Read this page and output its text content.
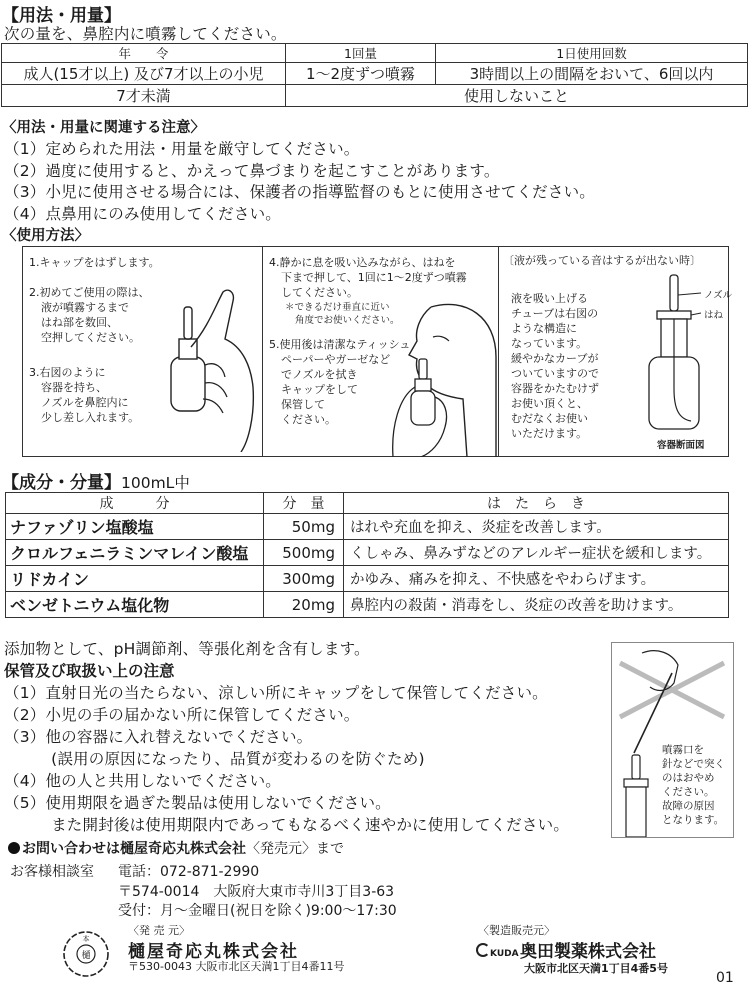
【用法・用量】
次の量を、鼻腔内に噴霧してください。
年　　令	1回量	1日使用回数
成人(15才以上) 及び7才以上の小児	1～2度ずつ噴霧	3時間以上の間隔をおいて、6回以内
7才未満	使用しないこと	
〈用法・用量に関連する注意〉
（1）定められた用法・用量を厳守してください。
（2）過度に使用すると、かえって鼻づまりを起こすことがあります。
（3）小児に使用させる場合には、保護者の指導監督のもとに使用させてください。
（4）点鼻用にのみ使用してください。
〈使用方法〉
1.キャップをはずします。
2.初めてご使用の際は、
液が噴霧するまで
はね部を数回、
空押してください。
3.右図のように
容器を持ち、
ノズルを鼻腔内に
少し差し入れます。
4.静かに息を吸い込みながら、はねを
下まで押して、1回に1～2度ずつ噴霧
してください。
＊できるだけ垂直に近い
角度でお使いください。
5.使用後は清潔なティッシュ
ペーパーやガーゼなど
でノズルを拭き
キャップをして
保管して
ください。
〔液が残っている音はするが出ない時〕
液を吸い上げる
チューブは右図の
ような構造に
なっています。
緩やかなカーブが
ついていますので
容器をかたむけず
お使い頂くと、
むだなくお使い
いただけます。
ノズル
はね
容器断面図
【成分・分量】100mL中
成　　　分	分　量	は　た　ら　き
ナファゾリン塩酸塩	50mg	はれや充血を抑え、炎症を改善します。
クロルフェニラミンマレイン酸塩	500mg	くしゃみ、鼻みずなどのアレルギー症状を緩和します。
リドカイン	300mg	かゆみ、痛みを抑え、不快感をやわらげます。
ベンゼトニウム塩化物	20mg	鼻腔内の殺菌・消毒をし、炎症の改善を助けます。
添加物として、pH調節剤、等張化剤を含有します。
保管及び取扱い上の注意
（1）直射日光の当たらない、涼しい所にキャップをして保管してください。
（2）小児の手の届かない所に保管してください。
（3）他の容器に入れ替えないでください。
　　　(誤用の原因になったり、品質が変わるのを防ぐため)
（4）他の人と共用しないでください。
（5）使用期限を過ぎた製品は使用しないでください。
　　　また開封後は使用期限内であってもなるべく速やかに使用してください。
噴霧口を
針などで突く
のはおやめ
ください。
故障の原因
となります。
お問い合わせは樋屋奇応丸株式会社〈発売元〉まで
お客様相談室 電話：072-871-2990
〒574-0014　大阪府大東市寺川3丁目3-63
受付：月～金曜日(祝日を除く)9:00～17:30
樋
本
〈発 売 元〉
樋屋奇応丸株式会社
〒530-0043 大阪市北区天満1丁目4番11号
〈製造販売元〉
KUDA 奥田製薬株式会社
大阪市北区天満1丁目4番5号
01
